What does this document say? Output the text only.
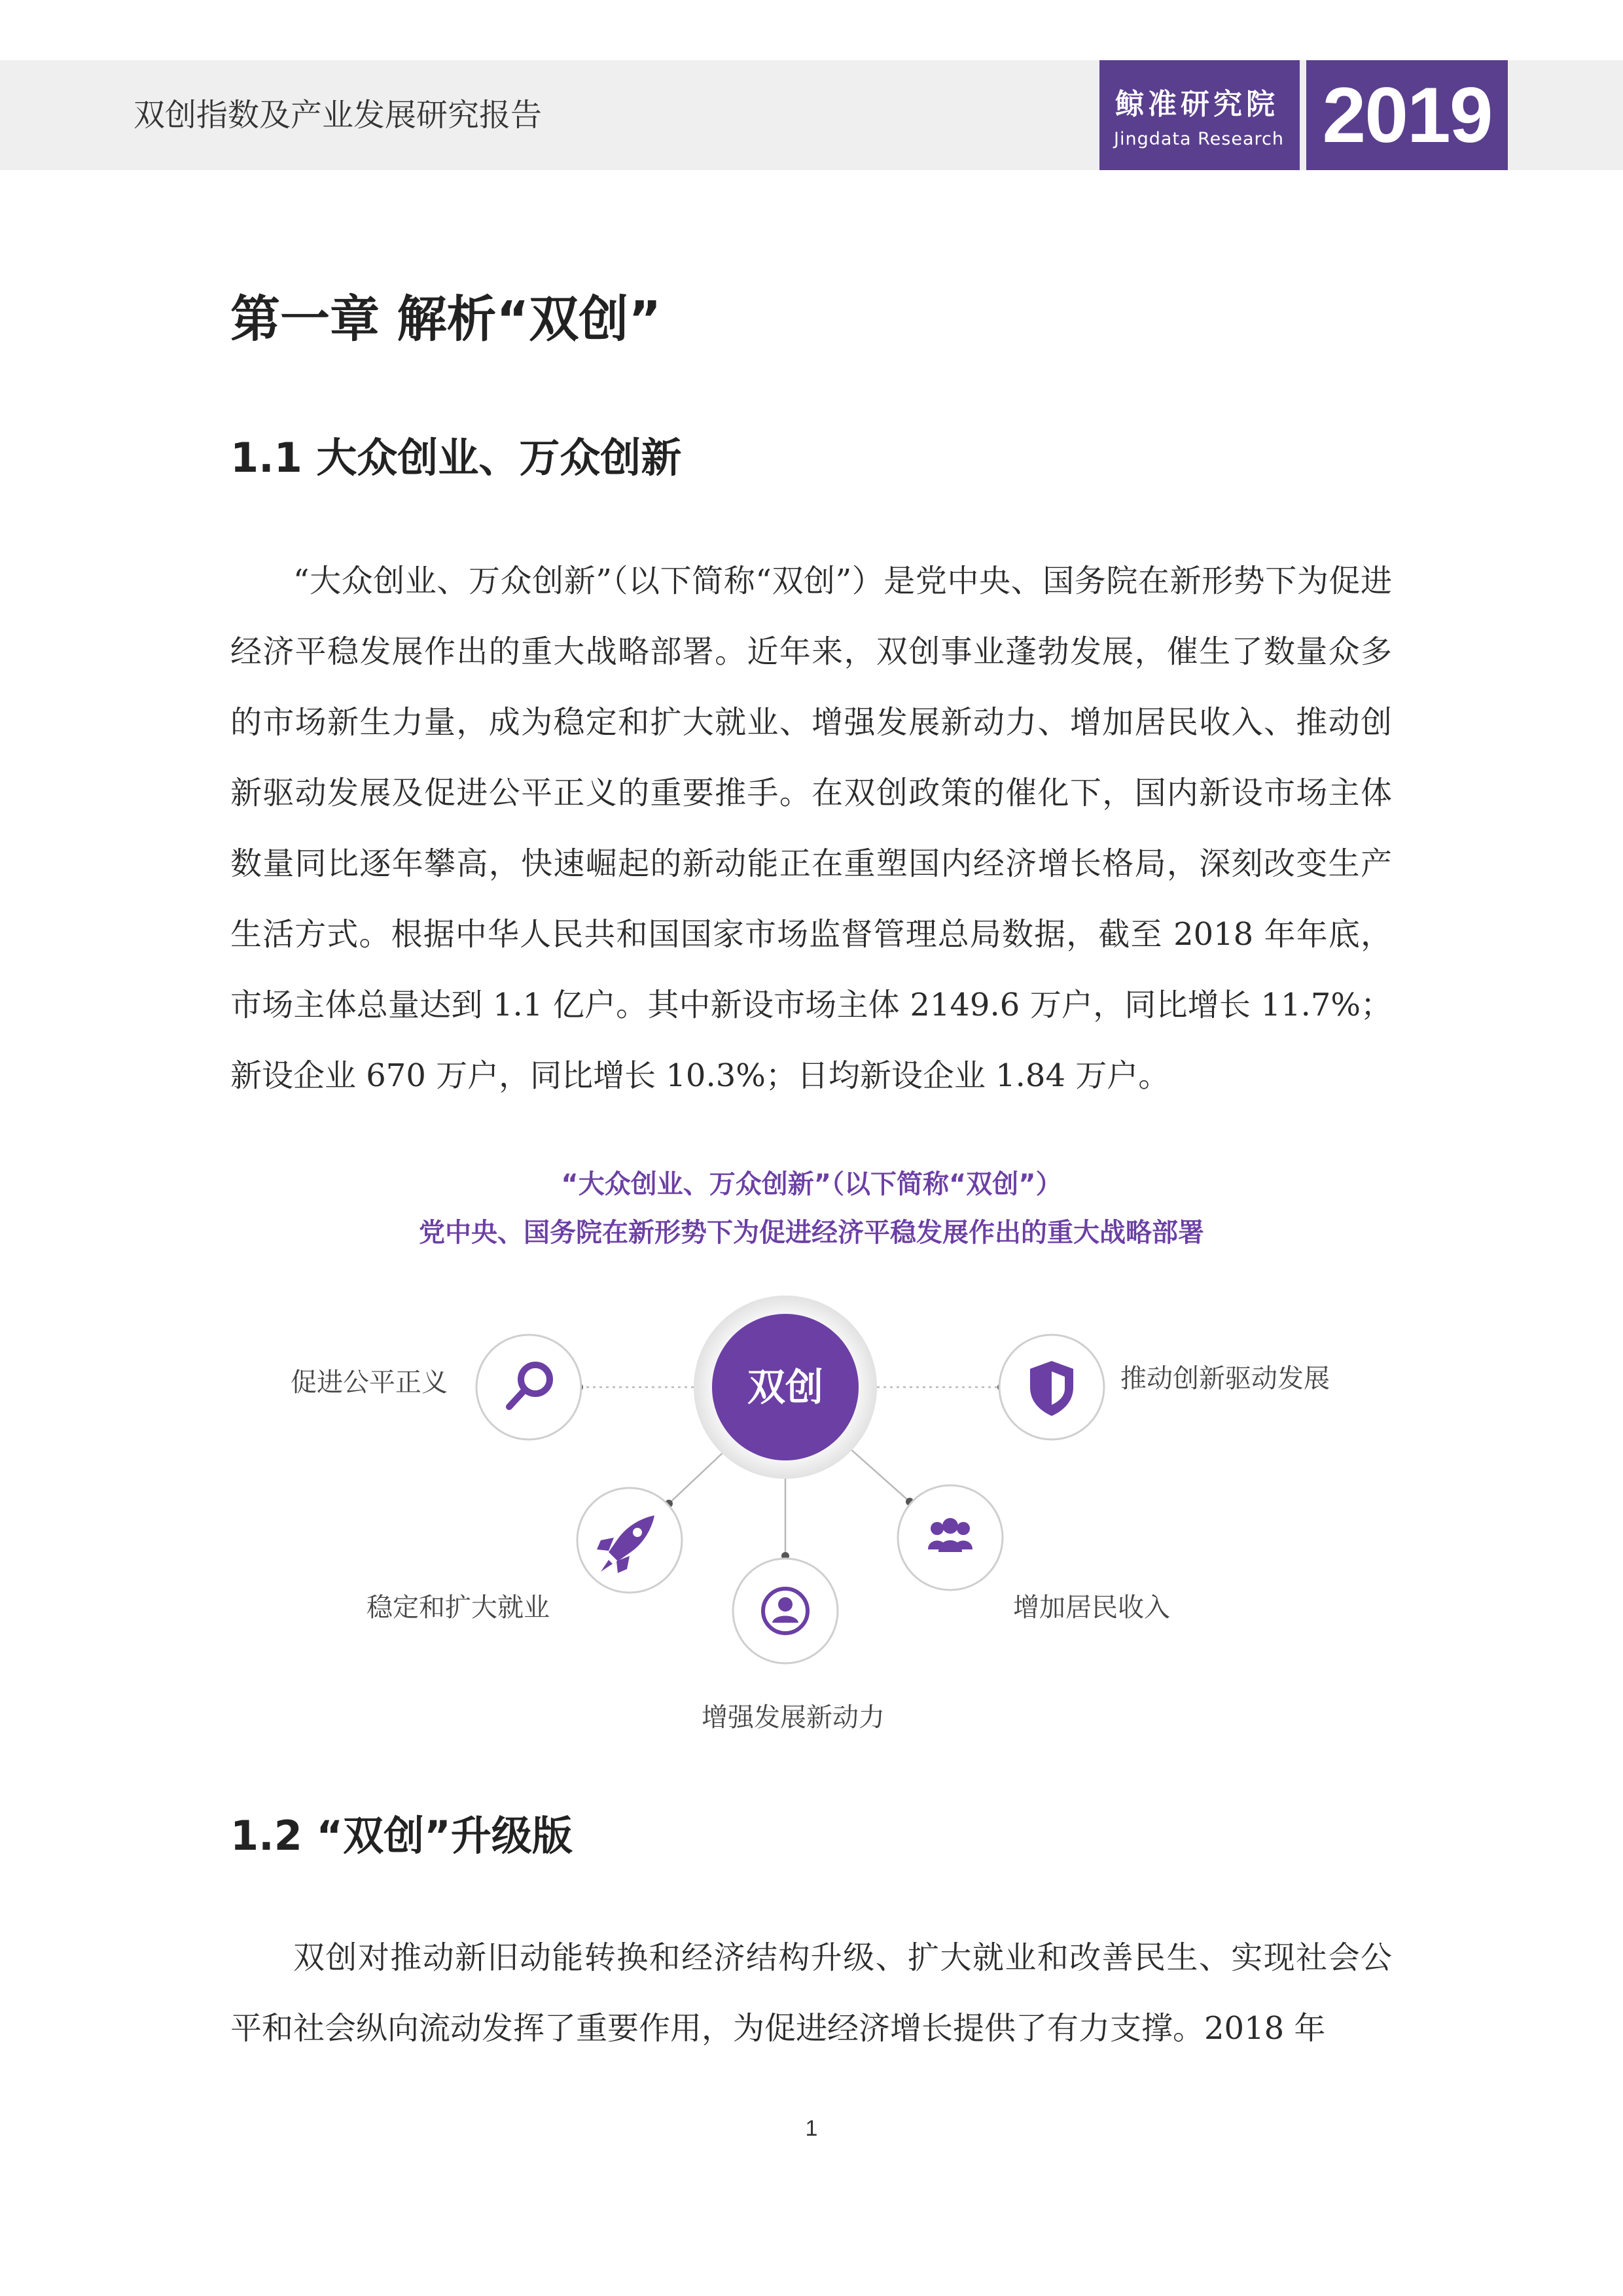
双创指数及产业发展研究报告	鲸准研究院
Jingdata Research 2019
第一章 解析“双创”
1.1 大众创业、万众创新

“大众创业、万众创新”（以下简称“双创”）是党中央、国务院在新形势下为促进经济平稳发展作出的重大战略部署。近年来，双创事业蓬勃发展，催生了数量众多的市场新生力量，成为稳定和扩大就业、增强发展新动力、增加居民收入、推动创新驱动发展及促进公平正义的重要推手。在双创政策的催化下，国内新设市场主体数量同比逐年攀高，快速崛起的新动能正在重塑国内经济增长格局，深刻改变生产生活方式。根据中华人民共和国国家市场监督管理总局数据，截至 2018 年年底，市场主体总量达到 1.1 亿户。其中新设市场主体 2149.6 万户，同比增长 11.7%；新设企业 670 万户，同比增长 10.3%；日均新设企业 1.84 万户。

“大众创业、万众创新”（以下简称“双创”）
党中央、国务院在新形势下为促进经济平稳发展作出的重大战略部署
双创
促进公平正义	推动创新驱动发展
稳定和扩大就业
增强发展新动力
增加居民收入
1.2 “双创”升级版

双创对推动新旧动能转换和经济结构升级、扩大就业和改善民生、实现社会公平和社会纵向流动发挥了重要作用，为促进经济增长提供了有力支撑。2018 年

1
